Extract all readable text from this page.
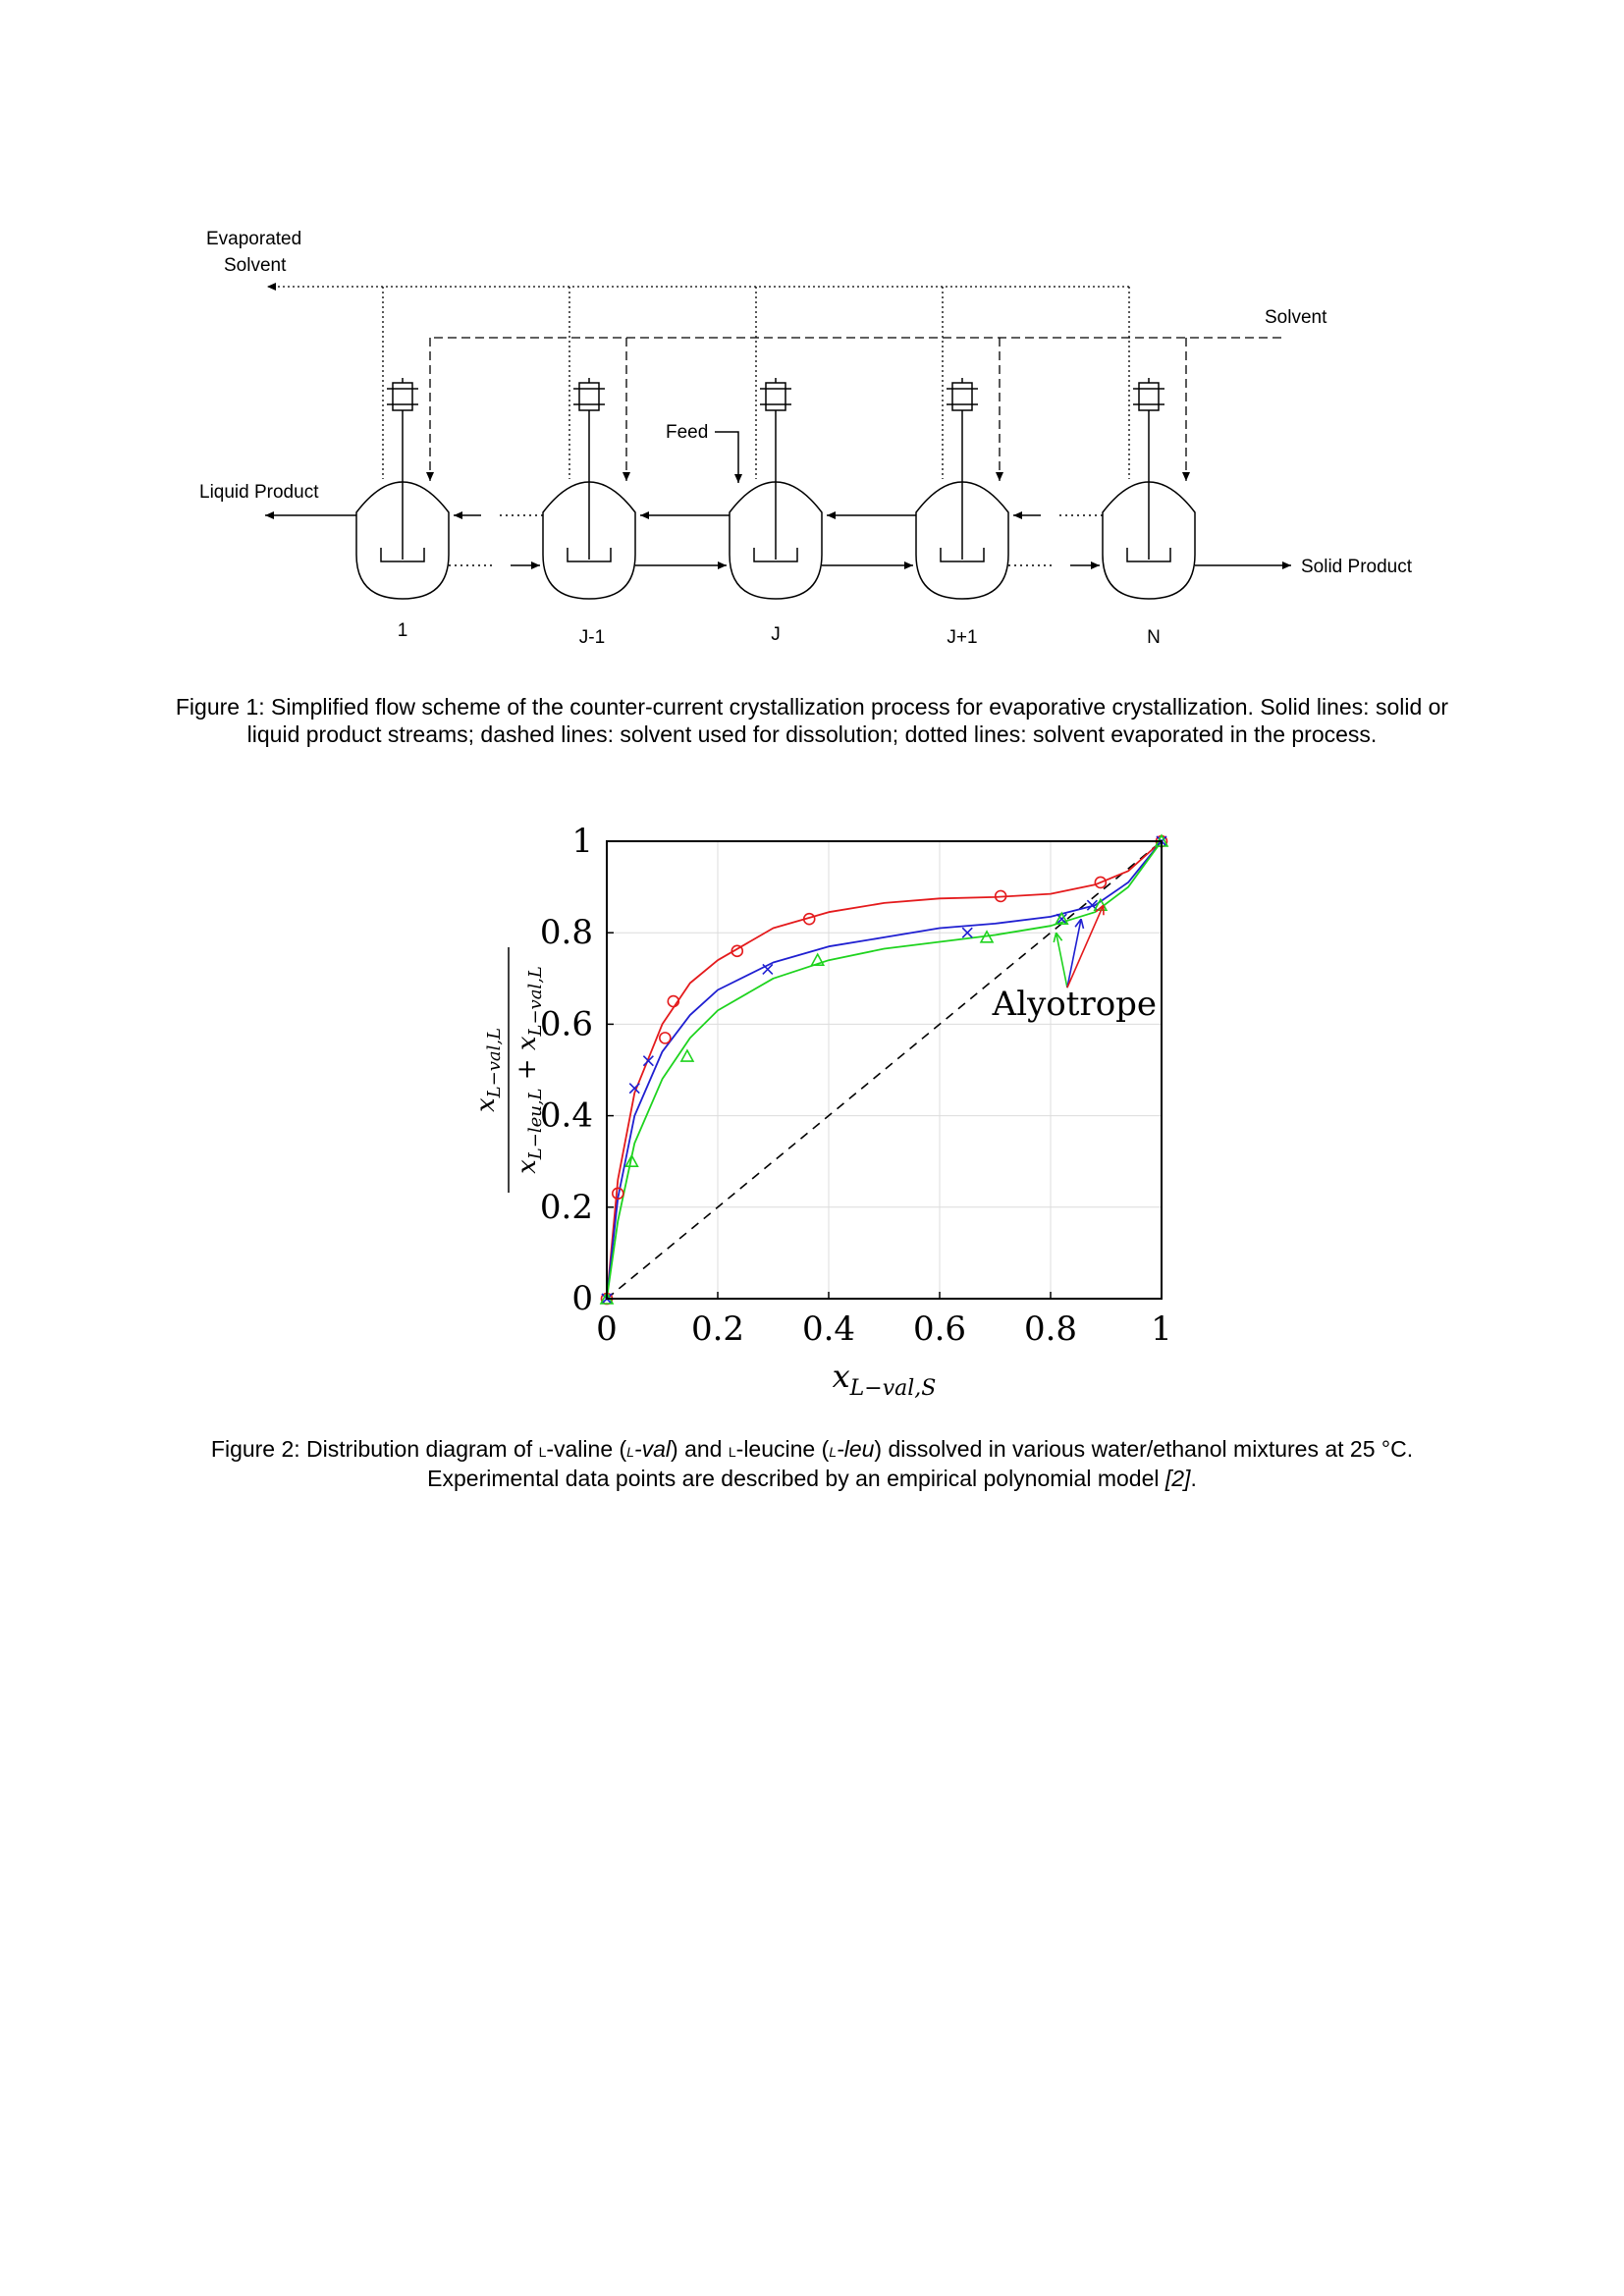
Evaporated
Solvent
Solvent
Feed
Liquid Product
Solid Product
1	J-1	J	J+1	N
Figure 1: Simplified flow scheme of the counter-current crystallization process for evaporative crystallization. Solid lines: solid or liquid product streams; dashed lines: solvent used for dissolution; dotted lines: solvent evaporated in the process.
Alyotrope
0 0.2 0.4 0.6 0.8 1
0
0.2
0.4
0.6
0.8
1
$x_{L-val,S}$
$x_{L-val,L}$
$x_{L-leu,L} + x_{L-val,L}$
Figure 2: Distribution diagram of l-valine (l-val) and l-leucine (l-leu) dissolved in various water/ethanol mixtures at 25 °C. Experimental data points are described by an empirical polynomial model [2].
